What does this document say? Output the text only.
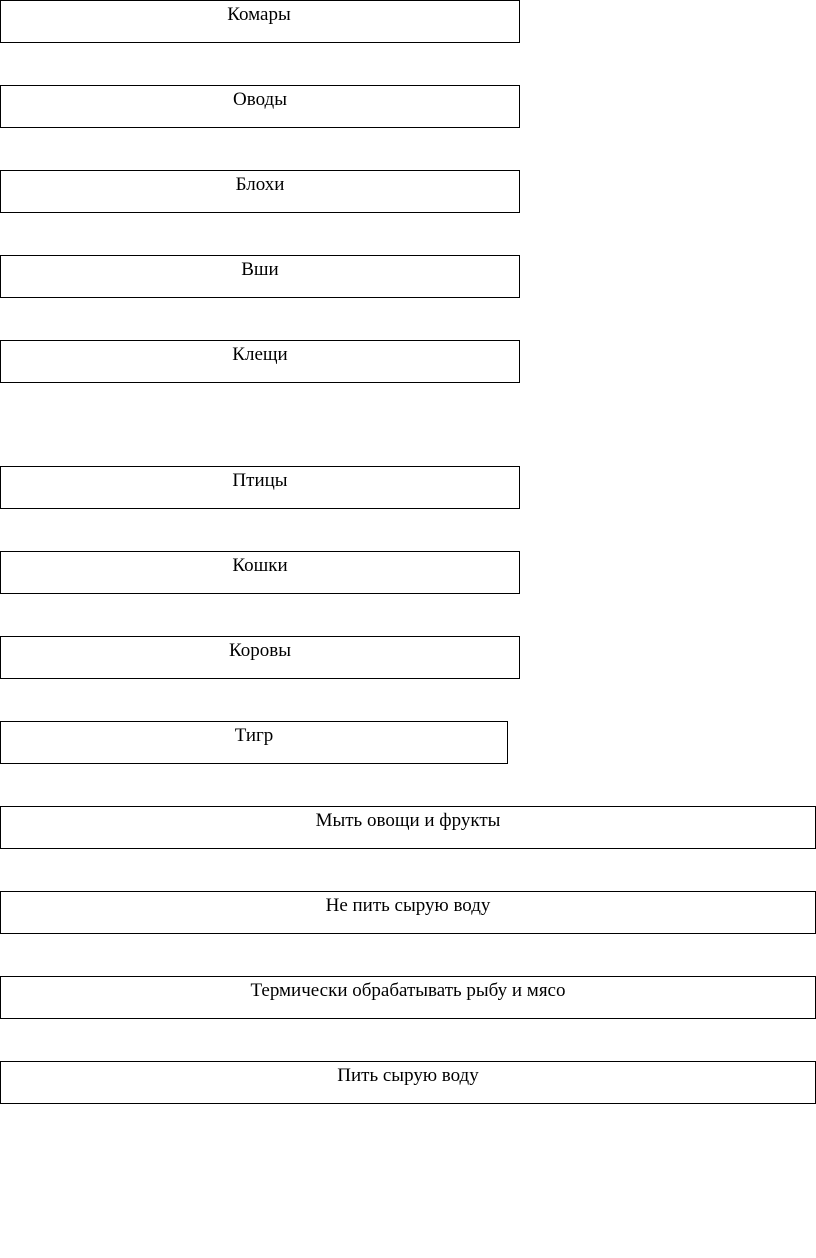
Комары
Оводы
Блохи
Вши
Клещи
Птицы
Кошки
Коровы
Тигр
Мыть овощи и фрукты
Не пить сырую воду
Термически обрабатывать рыбу и мясо
Пить сырую воду
